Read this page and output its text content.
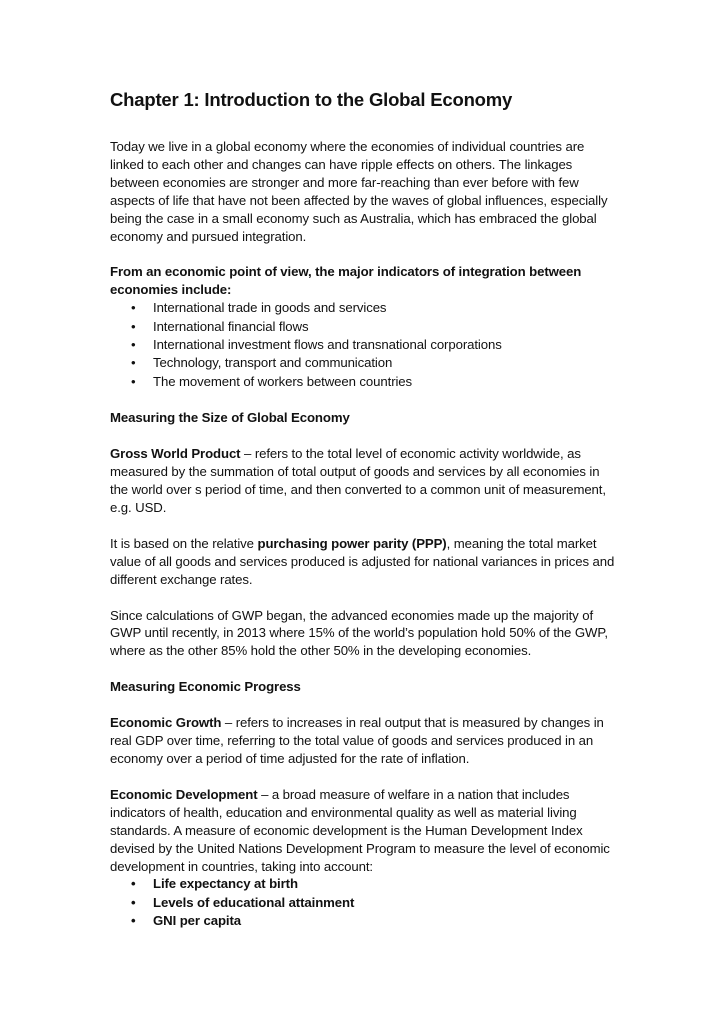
Chapter 1: Introduction to the Global Economy

Today we live in a global economy where the economies of individual countries are linked to each other and changes can have ripple effects on others. The linkages between economies are stronger and more far-reaching than ever before with few aspects of life that have not been affected by the waves of global influences, especially being the case in a small economy such as Australia, which has embraced the global economy and pursued integration.

From an economic point of view, the major indicators of integration between economies include:

• International trade in goods and services
• International financial flows
• International investment flows and transnational corporations
• Technology, transport and communication
• The movement of workers between countries

Measuring the Size of Global Economy

Gross World Product – refers to the total level of economic activity worldwide, as measured by the summation of total output of goods and services by all economies in the world over s period of time, and then converted to a common unit of measurement, e.g. USD.

It is based on the relative purchasing power parity (PPP), meaning the total market value of all goods and services produced is adjusted for national variances in prices and different exchange rates.

Since calculations of GWP began, the advanced economies made up the majority of GWP until recently, in 2013 where 15% of the world’s population hold 50% of the GWP, where as the other 85% hold the other 50% in the developing economies.

Measuring Economic Progress

Economic Growth – refers to increases in real output that is measured by changes in real GDP over time, referring to the total value of goods and services produced in an economy over a period of time adjusted for the rate of inflation.

Economic Development – a broad measure of welfare in a nation that includes indicators of health, education and environmental quality as well as material living standards. A measure of economic development is the Human Development Index devised by the United Nations Development Program to measure the level of economic development in countries, taking into account:

• Life expectancy at birth
• Levels of educational attainment
• GNI per capita
